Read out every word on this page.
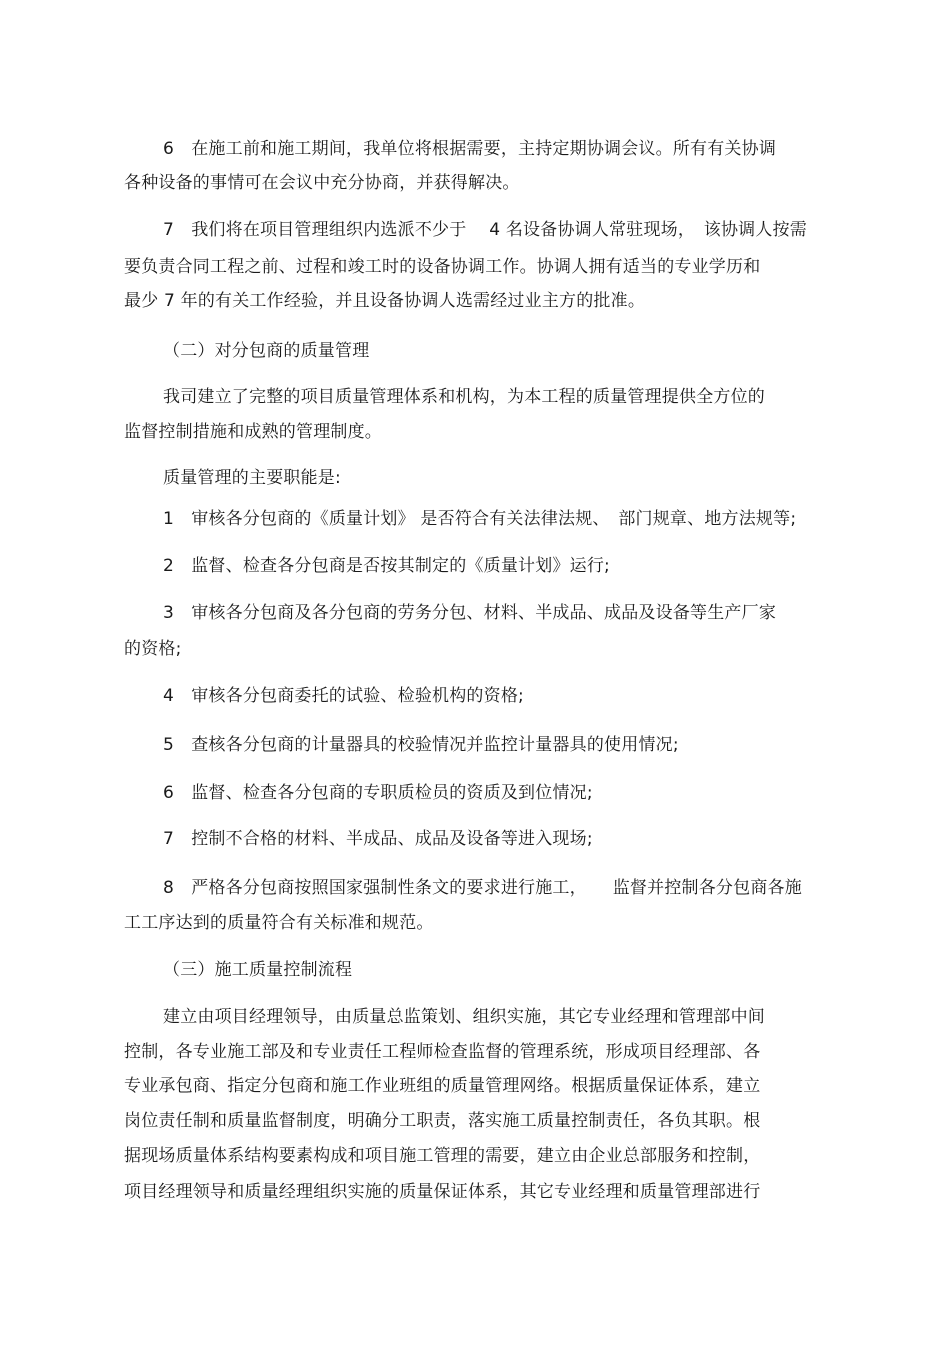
6　在施工前和施工期间，我单位将根据需要，主持定期协调会议。所有有关协调
各种设备的事情可在会议中充分协商，并获得解决。
7　我们将在项目管理组织内选派不少于　 4 名设备协调人常驻现场，　该协调人按需
要负责合同工程之前、过程和竣工时的设备协调工作。协调人拥有适当的专业学历和
最少 7 年的有关工作经验，并且设备协调人选需经过业主方的批准。
（二）对分包商的质量管理
我司建立了完整的项目质量管理体系和机构，为本工程的质量管理提供全方位的
监督控制措施和成熟的管理制度。
质量管理的主要职能是:
1　审核各分包商的《质量计划》 是否符合有关法律法规、　部门规章、地方法规等;
2　监督、检查各分包商是否按其制定的《质量计划》运行;
3　审核各分包商及各分包商的劳务分包、材料、半成品、成品及设备等生产厂家
的资格;
4　审核各分包商委托的试验、检验机构的资格;
5　查核各分包商的计量器具的校验情况并监控计量器具的使用情况;
6　监督、检查各分包商的专职质检员的资质及到位情况;
7　控制不合格的材料、半成品、成品及设备等进入现场;
8　严格各分包商按照国家强制性条文的要求进行施工，　　监督并控制各分包商各施
工工序达到的质量符合有关标准和规范。
（三）施工质量控制流程
建立由项目经理领导，由质量总监策划、组织实施，其它专业经理和管理部中间
控制，各专业施工部及和专业责任工程师检查监督的管理系统，形成项目经理部、各
专业承包商、指定分包商和施工作业班组的质量管理网络。根据质量保证体系，建立
岗位责任制和质量监督制度，明确分工职责，落实施工质量控制责任，各负其职。根
据现场质量体系结构要素构成和项目施工管理的需要，建立由企业总部服务和控制，
项目经理领导和质量经理组织实施的质量保证体系，其它专业经理和质量管理部进行
